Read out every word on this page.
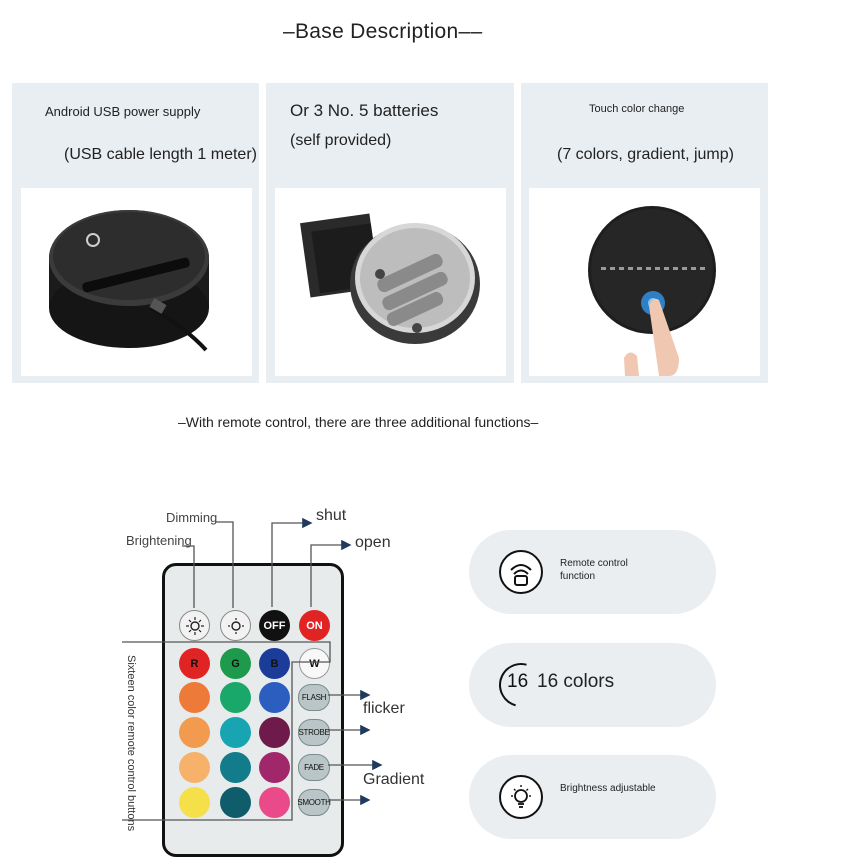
–Base Description––
Android USB power supply
(USB cable length 1 meter)
Or 3 No. 5 batteries
(self provided)
Touch color change
(7 colors, gradient, jump)
–With remote control, there are three additional functions–
Dimming
Brightening
shut
open
flicker
Gradient
Sixteen color remote control buttons
OFF	ON
R	G	B	W
FLASH
STROBE
FADE
SMOOTH
Remote control function
16 16 colors
Brightness adjustable
